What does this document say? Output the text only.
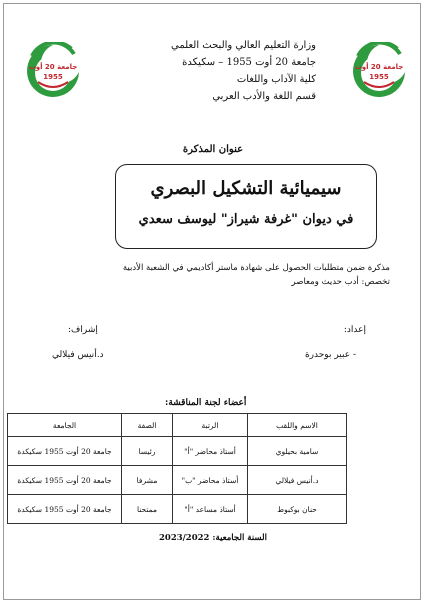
جامعة 20 أوت
1955
جامعة 20 أوت
1955
وزارة التعليم العالي والبحث العلمي
جامعة 20 أوت 1955 – سكيكدة
كلية الآداب واللغات
قسم اللغة والأدب العربي
عنوان المذكرة
سيميائية التشكيل البصري
في ديوان "غرفة شيراز" ليوسف سعدي
مذكرة ضمن متطلبات الحصول على شهادة ماستر أكاديمي في الشعبة الأدبية
تخصص: أدب حديث ومعاصر
إعداد:
- عبير بوحدرة
إشراف:
د.أنيس فيلالي
أعضاء لجنة المناقشة:
الاسم واللقب	الرتبة	الصفة	الجامعة
سامية بحيلوي	أستاذ محاضر "أ"	رئيسا	جامعة 20 أوت 1955 سكيكدة
د.أنيس فيلالي	أستاذ محاضر "ب"	مشرفا	جامعة 20 أوت 1955 سكيكدة
حنان بوكبوط	أستاذ مساعد "أ"	ممتحنا	جامعة 20 أوت 1955 سكيكدة
السنة الجامعية: 2023/2022
